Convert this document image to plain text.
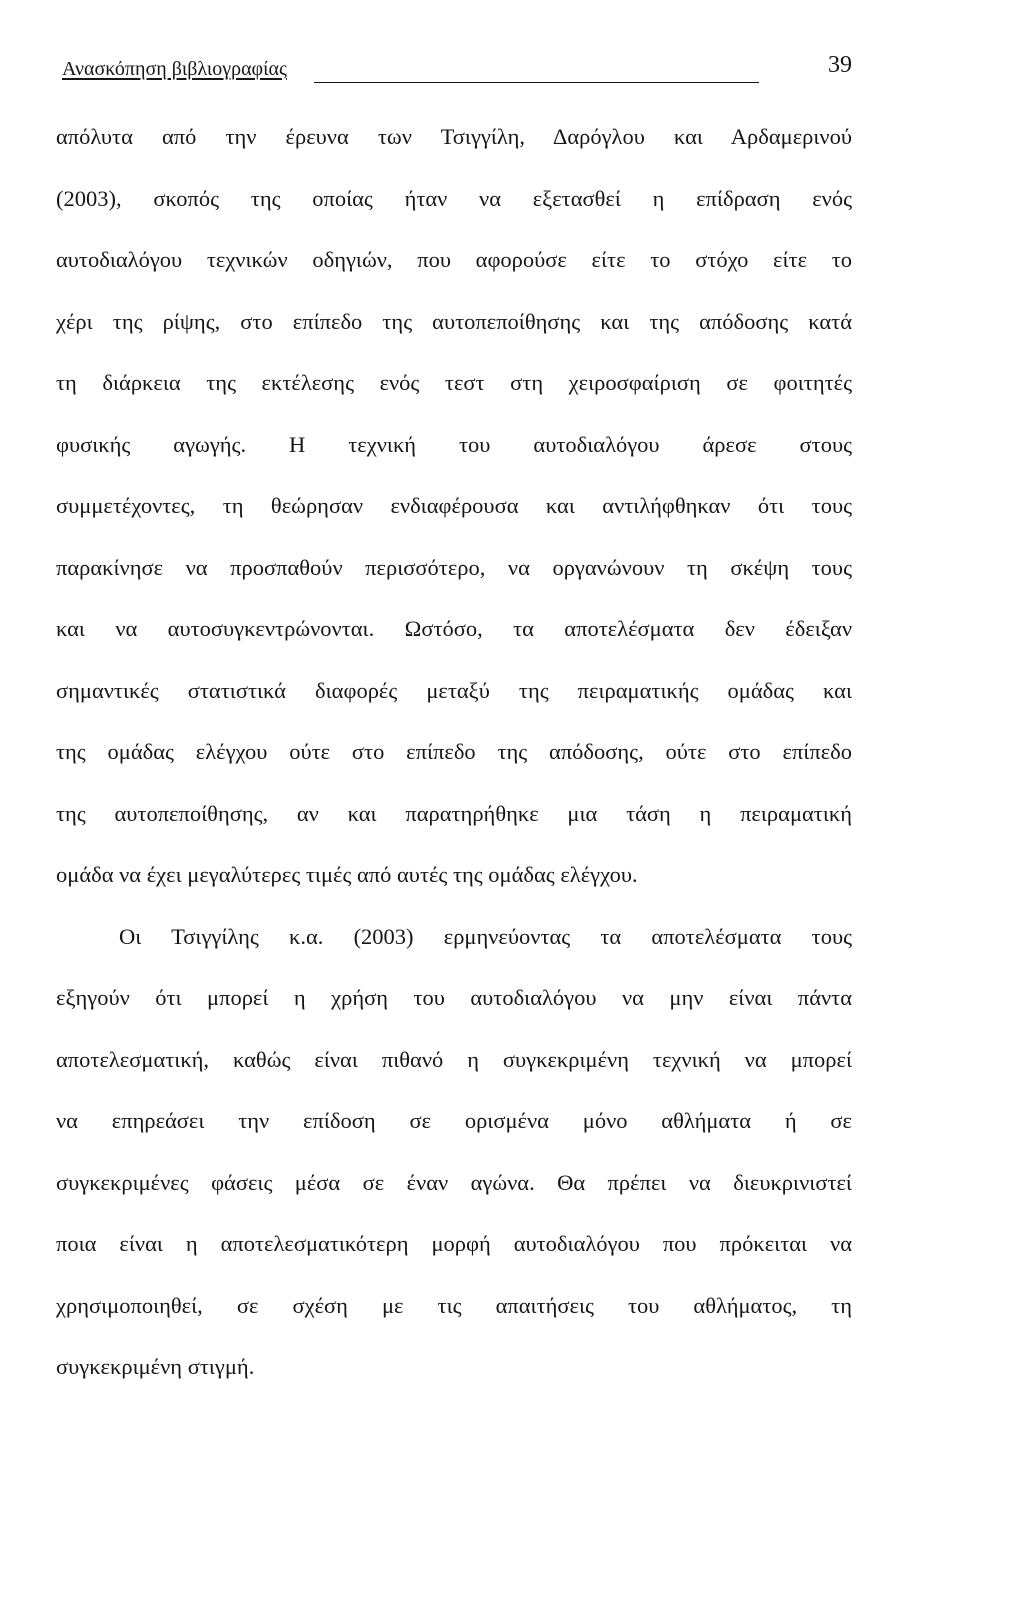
Ανασκόπηση βιβλιογραφίας	39
απόλυτα από την έρευνα των Τσιγγίλη, Δαρόγλου και Αρδαμερινού
(2003), σκοπός της οποίας ήταν να εξετασθεί η επίδραση ενός
αυτοδιαλόγου τεχνικών οδηγιών, που αφορούσε είτε το στόχο είτε το
χέρι της ρίψης, στο επίπεδο της αυτοπεποίθησης και της απόδοσης κατά
τη διάρκεια της εκτέλεσης ενός τεστ στη χειροσφαίριση σε φοιτητές
φυσικής αγωγής. Η τεχνική του αυτοδιαλόγου άρεσε στους
συμμετέχοντες, τη θεώρησαν ενδιαφέρουσα και αντιλήφθηκαν ότι τους
παρακίνησε να προσπαθούν περισσότερο, να οργανώνουν τη σκέψη τους
και να αυτοσυγκεντρώνονται. Ωστόσο, τα αποτελέσματα δεν έδειξαν
σημαντικές στατιστικά διαφορές μεταξύ της πειραματικής ομάδας και
της ομάδας ελέγχου ούτε στο επίπεδο της απόδοσης, ούτε στο επίπεδο
της αυτοπεποίθησης, αν και παρατηρήθηκε μια τάση η πειραματική
ομάδα να έχει μεγαλύτερες τιμές από αυτές της ομάδας ελέγχου.
Οι Τσιγγίλης κ.α. (2003) ερμηνεύοντας τα αποτελέσματα τους
εξηγούν ότι μπορεί η χρήση του αυτοδιαλόγου να μην είναι πάντα
αποτελεσματική, καθώς είναι πιθανό η συγκεκριμένη τεχνική να μπορεί
να επηρεάσει την επίδοση σε ορισμένα μόνο αθλήματα ή σε
συγκεκριμένες φάσεις μέσα σε έναν αγώνα. Θα πρέπει να διευκρινιστεί
ποια είναι η αποτελεσματικότερη μορφή αυτοδιαλόγου που πρόκειται να
χρησιμοποιηθεί, σε σχέση με τις απαιτήσεις του αθλήματος, τη
συγκεκριμένη στιγμή.
